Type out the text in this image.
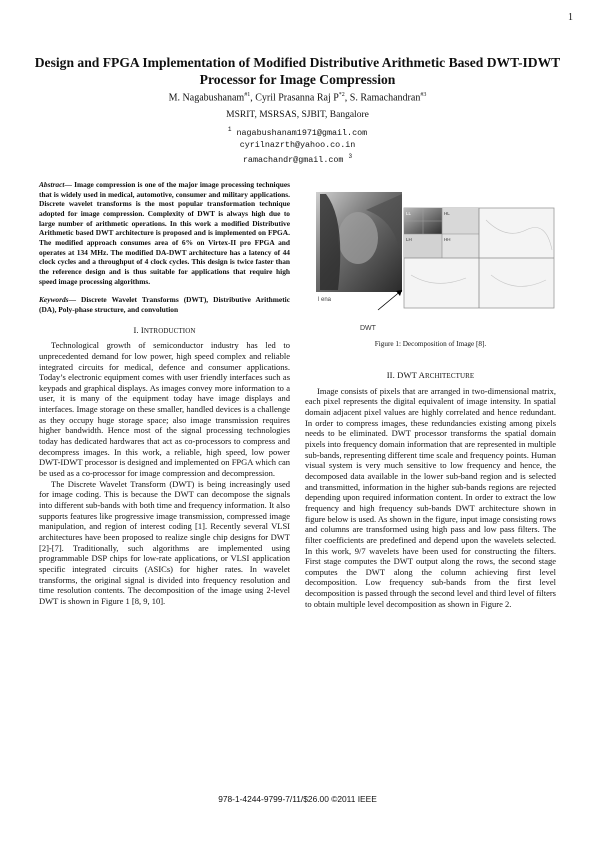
1
Design and FPGA Implementation of Modified Distributive Arithmetic Based DWT-IDWT Processor for Image Compression
M. Nagabushanam$^{\#1}$, Cyril Prasanna Raj $P^{*2}$, S. Ramachandran$^{\#3}$
MSRIT, MSRSAS, SJBIT, Bangalore
$^1$ nagabushanam1971@gmail.com
cyrilnazrth@yahoo.co.in
ramachandr@gmail.com $^3$
Abstract— Image compression is one of the major image processing techniques that is widely used in medical, automotive, consumer and military applications. Discrete wavelet transforms is the most popular transformation technique adopted for image compression. Complexity of DWT is always high due to large number of arithmetic operations. In this work a modified Distributive Arithmetic based DWT architecture is proposed and is implemented on FPGA. The modified approach consumes area of 6% on Virtex-II pro FPGA and operates at 134 MHz. The modified DA-DWT architecture has a latency of 44 clock cycles and a throughput of 4 clock cycles. This design is twice faster than the reference design and is thus suitable for applications that require high speed image processing algorithms.
Keywords— Discrete Wavelet Transforms (DWT), Distributive Arithmetic (DA), Poly-phase structure, and convolution
I. INTRODUCTION

Technological growth of semiconductor industry has led to unprecedented demand for low power, high speed complex and reliable integrated circuits for medical, defence and consumer applications. Today’s electronic equipment comes with user friendly interfaces such as keypads and graphical displays. As images convey more information to a user, it is many of the equipment today have image displays and interfaces. Image storage on these smaller, handled devices is a challenge as they occupy huge storage space; also image transmission requires higher bandwidth. Hence most of the signal processing technologies today has dedicated hardwares that act as co-processors to compress and decompress images. In this work, a reliable, high speed, low power DWT-IDWT processor is designed and implemented on FPGA which can be used as a co-processor for image compression and decompression.

The Discrete Wavelet Transform (DWT) is being increasingly used for image coding. This is because the DWT can decompose the signals into different sub-bands with both time and frequency information. It also supports features like progressive image transmission, compressed image manipulation, and region of interest coding [1]. Recently several VLSI architectures have been proposed to realize single chip designs for DWT [2]-[7]. Traditionally, such algorithms are implemented using programmable DSP chips for low-rate applications, or VLSI application specific integrated circuits (ASICs) for higher rates. In wavelet transforms, the original signal is divided into frequency resolution and time resolution contents. The decomposition of the image using 2-level DWT is shown in Figure 1 [8, 9, 10].

l ena
LL	HL
LH	HH
DWT
Figure 1: Decomposition of Image [8].
II. DWT ARCHITECTURE

Image consists of pixels that are arranged in two-dimensional matrix, each pixel represents the digital equivalent of image intensity. In spatial domain adjacent pixel values are highly correlated and hence redundant. In order to compress images, these redundancies existing among pixels needs to be eliminated. DWT processor transforms the spatial domain pixels into frequency domain information that are represented in multiple sub-bands, representing different time scale and frequency points. Human visual system is very much sensitive to low frequency and hence, the decomposed data available in the lower sub-band region and is selected and transmitted, information in the higher sub-bands regions are rejected depending upon required information content. In order to extract the low frequency and high frequency sub-bands DWT architecture shown in figure below is used. As shown in the figure, input image consisting rows and columns are transformed using high pass and low pass filters. The filter coefficients are predefined and depend upon the wavelets selected. In this work, 9/7 wavelets have been used for constructing the filters. First stage computes the DWT output along the rows, the second stage computes the DWT along the column achieving first level decomposition. Low frequency sub-bands from the first level decomposition is passed through the second level and third level of filters to obtain multiple level decomposition as shown in Figure 2.

978-1-4244-9799-7/11/$26.00 ©2011 IEEE
